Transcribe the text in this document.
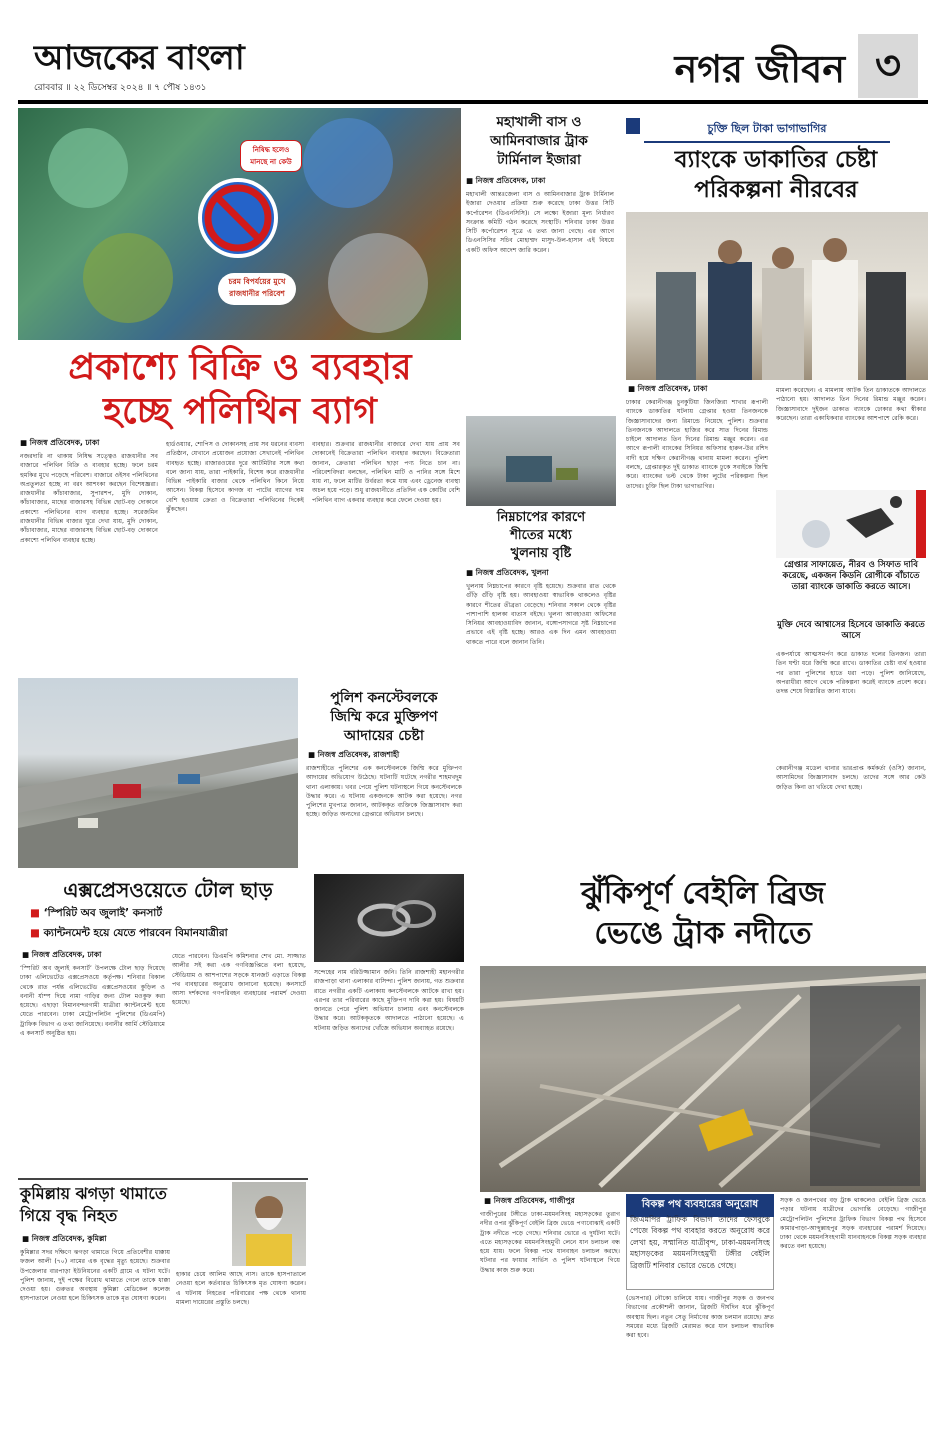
আজকের বাংলা
রোববার ॥ ২২ ডিসেম্বর ২০২৪ ॥ ৭ পৌষ ১৪৩১	নগর জীবন ৩
নিষিদ্ধ হলেও মানছে না কেউ
চরম বিপর্যয়ের মুখে রাজধানীর পরিবেশ
প্রকাশ্যে বিক্রি ও ব্যবহার
হচ্ছে পলিথিন ব্যাগ
■ নিজস্ব প্রতিবেদক, ঢাকা
নজরদারি না থাকায় নিষিদ্ধ সত্ত্বেও রাজধানীর সব বাজারে পলিথিন বিক্রি ও ব্যবহার হচ্ছে। ফলে চরম হুমকির মুখে পড়েছে পরিবেশ। বাজারে ওইসব পলিথিনের অপ্রতুলতা হচ্ছে না বরং আশংকা করছেন বিশেষজ্ঞরা। রাজধানীর কাঁচাবাজার, সুপারশপ, মুদি দোকান, কাঁচাবাজার, মাছের বাজারসহ বিভিন্ন ছোট-বড় দোকানে প্রকাশ্যে পলিথিনের ব্যাগ ব্যবহার হচ্ছে। সরেজমিন রাজধানীর বিভিন্ন বাজার ঘুরে দেখা যায়, মুদি দোকান, কাঁচাবাজার, মাছের বাজারসহ বিভিন্ন ছোট-বড় দোকানে প্রকাশ্যে পলিথিন ব্যবহার হচ্ছে।
হার্ডওয়্যার, শোপিস ও দোকানসহ প্রায় সব ধরনের ব্যবসা প্রতিষ্ঠান, যেখানে প্রয়োজন প্রযোজ্য সেখানেই পলিথিন ব্যবহৃত হচ্ছে। রাজারওয়ের দুরে আটমিটার সঙ্গে কথা বলে জানা যায়, তারা পাইকারি, বিশেষ করে রাজধানীর বিভিন্ন পাইকারি বাজার থেকে পলিথিন কিনে নিয়ে আসেন। বিকল্প হিসেবে কাগজ বা পাটের ব্যাগের দাম বেশি হওয়ায় ক্রেতা ও বিক্রেতারা পলিথিনের দিকেই ঝুঁকছেন।
ব্যবহার। শুক্রবার রাজধানীর বাজারে দেখা যায় প্রায় সব দোকানেই বিক্রেতারা পলিথিন ব্যবহার করছেন। বিক্রেতারা জানান, ক্রেতারা পলিথিন ছাড়া পণ্য নিতে চান না। পরিবেশবিদরা বলছেন, পলিথিন মাটি ও পানির সঙ্গে মিশে যায় না, ফলে মাটির উর্বরতা কমে যায় এবং ড্রেনেজ ব্যবস্থা অচল হয়ে পড়ে। শুধু রাজধানীতে প্রতিদিন এক কোটির বেশি পলিথিন ব্যাগ একবার ব্যবহার করে ফেলে দেওয়া হয়।
পুলিশ কনস্টেবলকে
জিম্মি করে মুক্তিপণ
আদায়ের চেষ্টা
■ নিজস্ব প্রতিবেদক, রাজশাহী
রাজশাহীতে পুলিশের এক কনস্টেবলকে জিম্মি করে মুক্তিপণ আদায়ের অভিযোগ উঠেছে। ঘটনাটি ঘটেছে নগরীর শাহমখদুম থানা এলাকায়। খবর পেয়ে পুলিশ ঘটনাস্থলে গিয়ে কনস্টেবলকে উদ্ধার করে। এ ঘটনায় একজনকে আটক করা হয়েছে। নগর পুলিশের মুখপাত্র জানান, আটককৃত ব্যক্তিকে জিজ্ঞাসাবাদ করা হচ্ছে। জড়িত অন্যদের গ্রেপ্তারে অভিযান চলছে।
মহাখালী বাস ও
আমিনবাজার ট্রাক
টার্মিনাল ইজারা
■ নিজস্ব প্রতিবেদক, ঢাকা
মহাখালী আন্তঃজেলা বাস ও আমিনবাজার ট্রাক টার্মিনাল ইজারা দেওয়ার প্রক্রিয়া শুরু করেছে ঢাকা উত্তর সিটি কর্পোরেশন (ডিএনসিসি)। সে লক্ষ্যে ইজারা মূল্য নির্ধারণ সংক্রান্ত কমিটি গঠন করেছে সংস্থাটি। শনিবার ঢাকা উত্তর সিটি কর্পোরেশন সূত্রে এ তথ্য জানা গেছে। এর আগে ডিএনসিসির সচিব মোহাম্মদ মাসুদ-উল-হাসান এই বিষয়ে একটি অফিস আদেশ জারি করেন।
নিম্নচাপের কারণে
শীতের মধ্যে
খুলনায় বৃষ্টি
■ নিজস্ব প্রতিবেদক, খুলনা
খুলনায় নিম্নচাপের কারণে বৃষ্টি হয়েছে। শুক্রবার রাত থেকে গুঁড়ি গুঁড়ি বৃষ্টি হয়। আবহাওয়া স্বাভাবিক থাকলেও বৃষ্টির কারণে শীতের তীব্রতা বেড়েছে। শনিবার সকাল থেকে বৃষ্টির পাশাপাশি হালকা বাতাস বইছে। খুলনা আবহাওয়া অফিসের সিনিয়র আবহাওয়াবিদ জানান, বঙ্গোপসাগরে সৃষ্ট নিম্নচাপের প্রভাবে এই বৃষ্টি হচ্ছে। আরও এক দিন এমন আবহাওয়া থাকতে পারে বলে জানান তিনি।
চুক্তি ছিল টাকা ভাগাভাগির
ব্যাংকে ডাকাতির চেষ্টা
পরিকল্পনা নীরবের
■ নিজস্ব প্রতিবেদক, ঢাকা
ঢাকার কেরানীগঞ্জ চুনকুটিয়া জিনজিরা শাখার রূপালী ব্যাংকে ডাকাতির ঘটনায় গ্রেপ্তার হওয়া তিনজনকে জিজ্ঞাসাবাদের জন্য রিমান্ডে নিয়েছে পুলিশ। শুক্রবার তিনজনকে আদালতে হাজির করে সাত দিনের রিমান্ড চাইলে আদালত তিন দিনের রিমান্ড মঞ্জুর করেন। এর আগে রূপালী ব্যাংকের সিনিয়র অফিসার হারুন-উর রশিদ বাদী হয়ে দক্ষিণ কেরানীগঞ্জ থানায় মামলা করেন। পুলিশ বলছে, গ্রেপ্তারকৃত দুই ডাকাত ব্যাংকে ঢুকে সবাইকে জিম্মি করে। ব্যাংকের ভল্ট থেকে টাকা লুটের পরিকল্পনা ছিল তাদের। চুক্তি ছিল টাকা ভাগাভাগির।
মামলা করেছেন। এ মামলায় আটক তিন ডাকাতকে আদালতে পাঠানো হয়। আদালত তিন দিনের রিমান্ড মঞ্জুর করেন। জিজ্ঞাসাবাদে দুইজন ডাকাত ব্যাংকে ঢোকার কথা স্বীকার করেছেন। তারা একাধিকবার ব্যাংকের আশপাশে রেকি করে।
গ্রেপ্তার সাফায়েত, নীরব ও সিফাত দাবি করেছে, একজন কিডনি রোগীকে বাঁচাতে তারা ব্যাংকে ডাকাতি করতে আসে।
মুক্তি দেবে আশ্বাসের হিসেবে ডাকাতি করতে আসে
একপর্যায়ে আত্মসমর্পণ করে ডাকাত দলের তিনজন। তারা তিন ঘণ্টা ধরে জিম্মি করে রাখে। ডাকাতির চেষ্টা ব্যর্থ হওয়ার পর তারা পুলিশের হাতে ধরা পড়ে। পুলিশ জানিয়েছে, অপরাধীরা আগে থেকে পরিকল্পনা করেই ব্যাংকে প্রবেশ করে। তদন্ত শেষে বিস্তারিত জানা যাবে।
কেরানীগঞ্জ মডেল থানার ভারপ্রাপ্ত কর্মকর্তা (ওসি) জানান, আসামিদের জিজ্ঞাসাবাদ চলছে। তাদের সঙ্গে আর কেউ জড়িত কিনা তা খতিয়ে দেখা হচ্ছে।
এক্সপ্রেসওয়েতে টোল ছাড়
■ ‘স্পিরিট অব জুলাই’ কনসার্ট
■ ক্যান্টনমেন্ট হয়ে যেতে পারবেন বিমানযাত্রীরা
■ নিজস্ব প্রতিবেদক, ঢাকা
‘স্পিরিট অব জুলাই কনসার্ট’ উপলক্ষে টোল ছাড় দিয়েছে ঢাকা এলিভেটেড এক্সপ্রেসওয়ে কর্তৃপক্ষ। শনিবার বিকাল থেকে রাত পর্যন্ত এলিভেটেড এক্সপ্রেসওয়ের কুড়িল ও বনানী র্যাম্প দিয়ে নামা গাড়ির জন্য টোল মওকুফ করা হয়েছে। এছাড়া বিমানবন্দরগামী যাত্রীরা ক্যান্টনমেন্ট হয়ে যেতে পারবেন। ঢাকা মেট্রোপলিটন পুলিশের (ডিএমপি) ট্রাফিক বিভাগ এ তথ্য জানিয়েছে। বনানীর আর্মি স্টেডিয়ামে এ কনসার্ট অনুষ্ঠিত হয়।
যেতে পারবেন। ডিএমপি কমিশনার শেখ মো. সাজ্জাত আলীর সই করা এক গণবিজ্ঞপ্তিতে বলা হয়েছে, স্টেডিয়াম ও আশপাশের সড়কে যানজট এড়াতে বিকল্প পথ ব্যবহারের অনুরোধ জানানো হয়েছে। কনসার্টে আসা দর্শকদের গণপরিবহন ব্যবহারের পরামর্শ দেওয়া হয়েছে।
সন্দেহের নাম বরিউজ্জামান জনি। তিনি রাজশাহী মহানগরীর রাজপাড়া থানা এলাকার বাসিন্দা। পুলিশ জানায়, গত শুক্রবার রাতে নগরীর একটি এলাকায় কনস্টেবলকে আটকে রাখা হয়। এরপর তার পরিবারের কাছে মুক্তিপণ দাবি করা হয়। বিষয়টি জানতে পেরে পুলিশ অভিযান চালায় এবং কনস্টেবলকে উদ্ধার করে। আটককৃতকে আদালতে পাঠানো হয়েছে। এ ঘটনায় জড়িত অন্যদের খোঁজে অভিযান অব্যাহত রয়েছে।
ঝুঁকিপূর্ণ বেইলি ব্রিজ
ভেঙে ট্রাক নদীতে
■ নিজস্ব প্রতিবেদক, গাজীপুর	বিকল্প পথ ব্যবহারের অনুরোধ
জিএমপির ট্রাফিক বিভাগ তাদের ফেসবুকে পেজে বিকল্প পথ ব্যবহার করতে অনুরোধ করে লেখা হয়, সম্মানিত যাত্রীবৃন্দ, ঢাকা-ময়মনসিংহ মহাসড়কের ময়মনসিংহমুখী টঙ্গীর বেইলি ব্রিজটি শনিবার ভোরে ভেঙে গেছে।
গাজীপুরের টঙ্গীতে ঢাকা-ময়মনসিংহ মহাসড়কের তুরাগ নদীর ওপর ঝুঁকিপূর্ণ বেইলি ব্রিজ ভেঙে পণ্যবোঝাই একটি ট্রাক নদীতে পড়ে গেছে। শনিবার ভোরে এ দুর্ঘটনা ঘটে। এতে মহাসড়কের ময়মনসিংহমুখী লেনে যান চলাচল বন্ধ হয়ে যায়। ফলে বিকল্প পথে যানবাহন চলাচল করছে। ঘটনার পর ফায়ার সার্ভিস ও পুলিশ ঘটনাস্থলে গিয়ে উদ্ধার কাজ শুরু করে।
(ভেসপার) নৌকো চালিয়ে যায়। গাজীপুর সড়ক ও জনপথ বিভাগের প্রকৌশলী জানান, ব্রিজটি দীর্ঘদিন ধরে ঝুঁকিপূর্ণ অবস্থায় ছিল। নতুন সেতু নির্মাণের কাজ চলমান রয়েছে। দ্রুত সময়ের মধ্যে ব্রিজটি মেরামত করে যান চলাচল স্বাভাবিক করা হবে।
সড়ক ও জনপথের বড় ট্রাক থাকলেও বেইলি ব্রিজ ভেঙে পড়ার ঘটনায় যাত্রীদের ভোগান্তি বেড়েছে। গাজীপুর মেট্রোপলিটন পুলিশের ট্রাফিক বিভাগ বিকল্প পথ হিসেবে কামারপাড়া-আব্দুল্লাহপুর সড়ক ব্যবহারের পরামর্শ দিয়েছে। ঢাকা থেকে ময়মনসিংহগামী যানবাহনকে বিকল্প সড়ক ব্যবহার করতে বলা হয়েছে।
কুমিল্লায় ঝগড়া থামাতে
গিয়ে বৃদ্ধ নিহত
■ নিজস্ব প্রতিবেদক, কুমিল্লা
কুমিল্লার সদর দক্ষিণে ঝগড়া থামাতে গিয়ে প্রতিবেশীর ধাক্কায় ফজল আলী (৭০) নামের এক বৃদ্ধের মৃত্যু হয়েছে। শুক্রবার উপজেলার বারপাড়া ইউনিয়নের একটি গ্রামে এ ঘটনা ঘটে। পুলিশ জানায়, দুই পক্ষের বিরোধ থামাতে গেলে তাকে ধাক্কা দেওয়া হয়। গুরুতর অবস্থায় কুমিল্লা মেডিকেল কলেজ হাসপাতালে নেওয়া হলে চিকিৎসক তাকে মৃত ঘোষণা করেন।
হাকার চেয়ে আলিম আছে নাস। তাকে হাসপাতালে নেওয়া হলে কর্তব্যরত চিকিৎসক মৃত ঘোষণা করেন। এ ঘটনায় নিহতের পরিবারের পক্ষ থেকে থানায় মামলা দায়েরের প্রস্তুতি চলছে।
